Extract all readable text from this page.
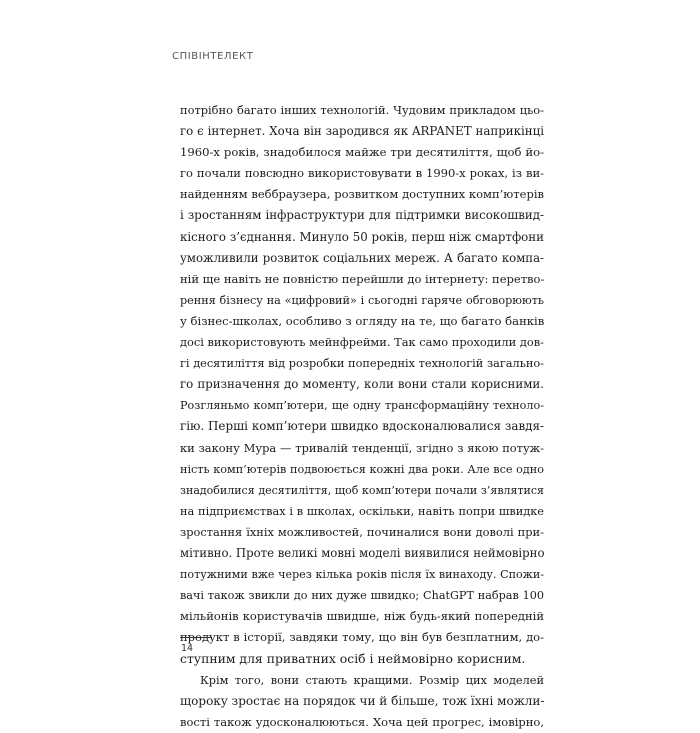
СПІВІНТЕЛЕКТ
потрібно багато інших технологій. Чудовим прикладом цьо-
го є інтернет. Хоча він зародився як ARPANET наприкінці
1960-х років, знадобилося майже три десятиліття, щоб йо-
го почали повсюдно використовувати в 1990-х роках, із ви-
найденням веббраузера, розвитком доступних комп’ютерів
і зростанням інфраструктури для підтримки високошвид-
кісного з’єднання. Минуло 50 років, перш ніж смартфони
уможливили розвиток соціальних мереж. А багато компа-
ній ще навіть не повністю перейшли до інтернету: перетво-
рення бізнесу на «цифровий» і сьогодні гаряче обговорюють
у бізнес-школах, особливо з огляду на те, що багато банків
досі використовують мейнфрейми. Так само проходили дов-
гі десятиліття від розробки попередніх технологій загально-
го призначення до моменту, коли вони стали корисними.
Розгляньмо комп’ютери, ще одну трансформаційну техноло-
гію. Перші комп’ютери швидко вдосконалювалися завдя-
ки закону Мура — тривалій тенденції, згідно з якою потуж-
ність комп’ютерів подвоюється кожні два роки. Але все одно
знадобилися десятиліття, щоб комп’ютери почали з’являтися
на підприємствах і в школах, оскільки, навіть попри швидке
зростання їхніх можливостей, починалися вони доволі при-
мітивно. Проте великі мовні моделі виявилися неймовірно
потужними вже через кілька років після їх винаходу. Спожи-
вачі також звикли до них дуже швидко; ChatGPT набрав 100
мільйонів користувачів швидше, ніж будь-який попередній
продукт в історії, завдяки тому, що він був безплатним, до-
ступним для приватних осіб і неймовірно корисним.
Крім того, вони стають кращими. Розмір цих моделей
щороку зростає на порядок чи й більше, тож їхні можли-
вості також удосконалюються. Хоча цей прогрес, імовірно,
14
